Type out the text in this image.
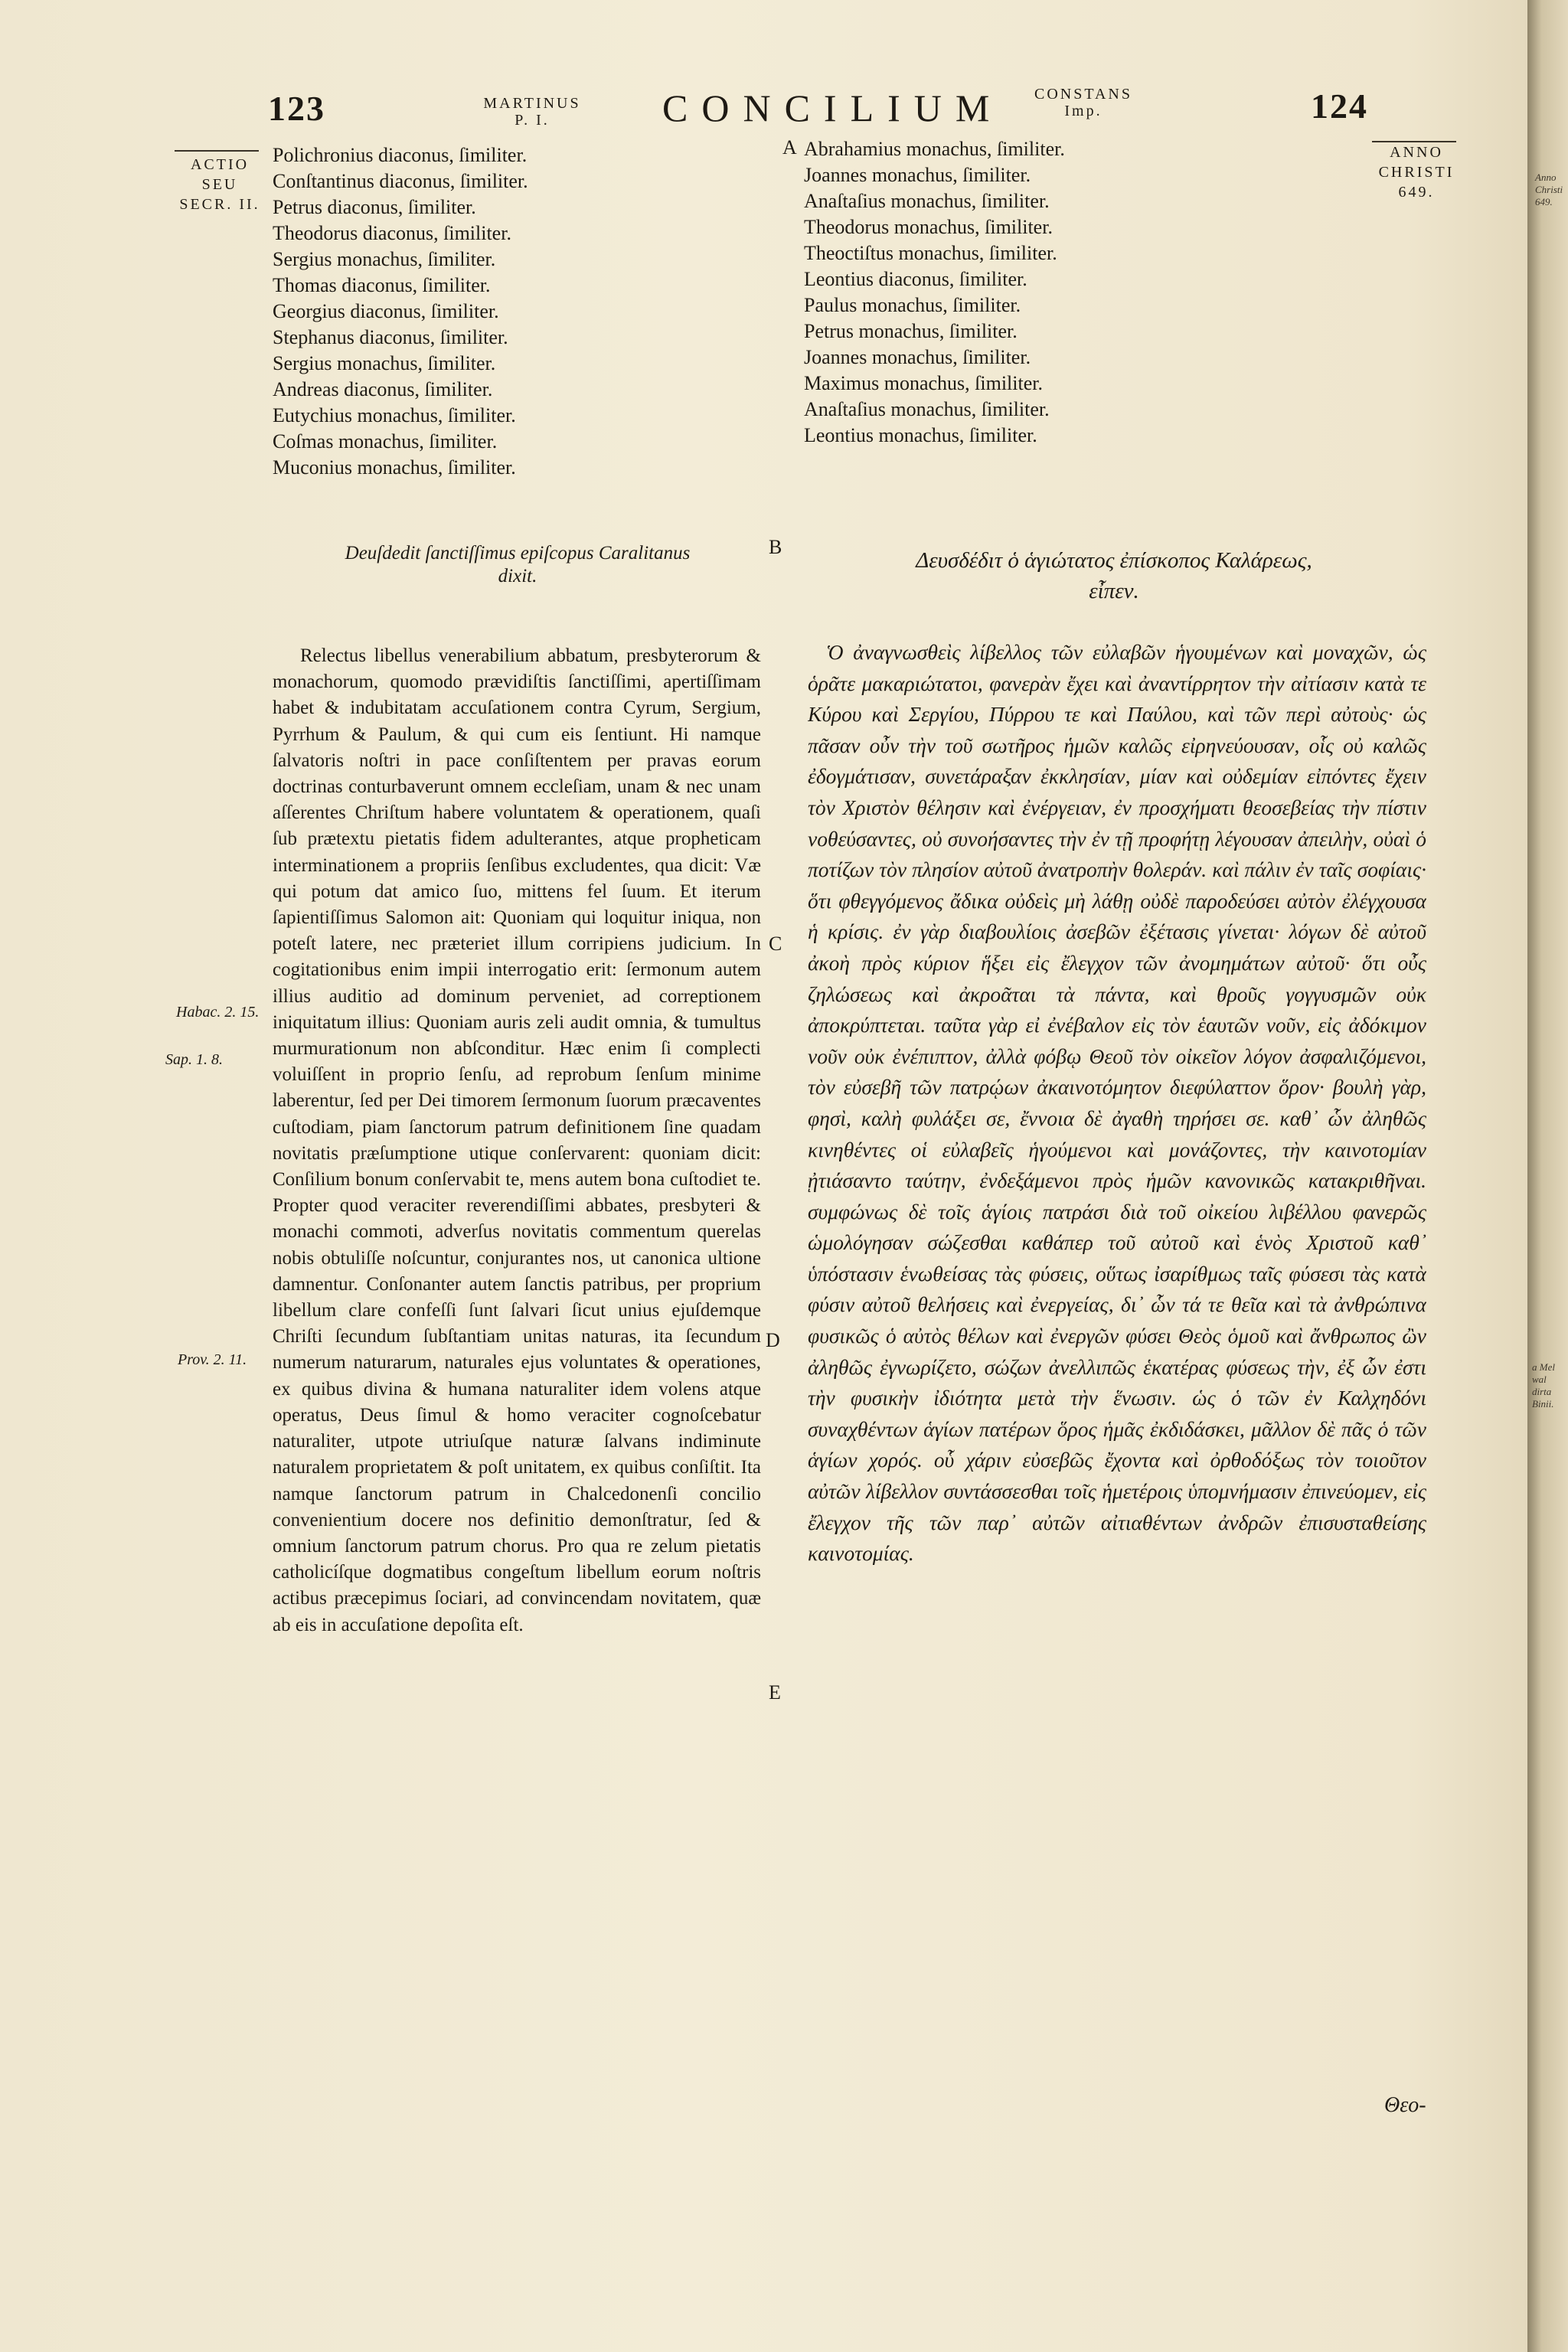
123	MARTINUS
P. I.	CONCILIUM	CONSTANS
Imp.	124
ACTIO
SEU
SECR. II.
ANNO
CHRISTI
649.
Polichronius diaconus, ſimiliter.
Conſtantinus diaconus, ſimiliter.
Petrus diaconus, ſimiliter.
Theodorus diaconus, ſimiliter.
Sergius monachus, ſimiliter.
Thomas diaconus, ſimiliter.
Georgius diaconus, ſimiliter.
Stephanus diaconus, ſimiliter.
Sergius monachus, ſimiliter.
Andreas diaconus, ſimiliter.
Eutychius monachus, ſimiliter.
Coſmas monachus, ſimiliter.
Muconius monachus, ſimiliter.
A Abrahamius monachus, ſimiliter.
Joannes monachus, ſimiliter.
Anaſtaſius monachus, ſimiliter.
Theodorus monachus, ſimiliter.
Theoctiſtus monachus, ſimiliter.
Leontius diaconus, ſimiliter.
Paulus monachus, ſimiliter.
Petrus monachus, ſimiliter.
Joannes monachus, ſimiliter.
Maximus monachus, ſimiliter.
Anaſtaſius monachus, ſimiliter.
Leontius monachus, ſimiliter.
Deuſdedit ſanctiſſimus epiſcopus Caralitanus
dixit.
B
Δευσδέδιτ ὁ ἁγιώτατος ἐπίσκοπος Καλάρεως,
εἶπεν.

Relectus libellus venerabilium abbatum, presbyterorum & monachorum, quomodo prævidiſtis ſanctiſſimi, apertiſſimam habet & indubitatam accuſationem contra Cyrum, Sergium, Pyrrhum & Paulum, & qui cum eis ſentiunt. Hi namque ſalvatoris noſtri in pace conſiſtentem per pravas eorum doctrinas conturbaverunt omnem eccleſiam, unam & nec unam aſſerentes Chriſtum habere voluntatem & operationem, quaſi ſub prætextu pietatis fidem adulterantes, atque propheticam interminationem a propriis ſenſibus excludentes, qua dicit: Væ qui potum dat amico ſuo, mittens fel ſuum. Et iterum ſapientiſſimus Salomon ait: Quoniam qui loquitur iniqua, non poteſt latere, nec præteriet illum corripiens judicium. In cogitationibus enim impii interrogatio erit: ſermonum autem illius auditio ad dominum perveniet, ad correptionem iniquitatum illius: Quoniam auris zeli audit omnia, & tumultus murmurationum non abſconditur. Hæc enim ſi complecti voluiſſent in proprio ſenſu, ad reprobum ſenſum minime laberentur, ſed per Dei timorem ſermonum ſuorum præcaventes cuſtodiam, piam ſanctorum patrum definitionem ſine quadam novitatis præſumptione utique conſervarent: quoniam dicit: Conſilium bonum conſervabit te, mens autem bona cuſtodiet te. Propter quod veraciter reverendiſſimi abbates, presbyteri & monachi commoti, adverſus novitatis commentum querelas nobis obtuliſſe noſcuntur, conjurantes nos, ut canonica ultione damnentur. Conſonanter autem ſanctis patribus, per proprium libellum clare confeſſi ſunt ſalvari ſicut unius ejuſdemque Chriſti ſecundum ſubſtantiam unitas naturas, ita ſecundum numerum naturarum, naturales ejus voluntates & operationes, ex quibus divina & humana naturaliter idem volens atque operatus, Deus ſimul & homo veraciter cognoſcebatur naturaliter, utpote utriuſque naturæ ſalvans indiminute naturalem proprietatem & poſt unitatem, ex quibus conſiſtit. Ita namque ſanctorum patrum in Chalcedonenſi concilio convenientium docere nos definitio demonſtratur, ſed & omnium ſanctorum patrum chorus. Pro qua re zelum pietatis catholicíſque dogmatibus congeſtum libellum eorum noſtris actibus præcepimus ſociari, ad convincendam novitatem, quæ ab eis in accuſatione depoſita eſt.

Habac. 2. 15.
Sap. 1. 8.
Prov. 2. 11.
C
D
E

Ὁ ἀναγνωσθεὶς λίβελλος τῶν εὐλαβῶν ἡγουμένων καὶ μοναχῶν, ὡς ὁρᾶτε μακαριώτατοι, φανερὰν ἔχει καὶ ἀναντίρρητον τὴν αἰτίασιν κατὰ τε Κύρου καὶ Σεργίου, Πύρρου τε καὶ Παύλου, καὶ τῶν περὶ αὐτοὺς· ὡς πᾶσαν οὖν τὴν τοῦ σωτῆρος ἡμῶν καλῶς εἰρηνεύουσαν, οἷς οὐ καλῶς ἐδογμάτισαν, συνετάραξαν ἐκκλησίαν, μίαν καὶ οὐδεμίαν εἰπόντες ἔχειν τὸν Χριστὸν θέλησιν καὶ ἐνέργειαν, ἐν προσχήματι θεοσεβείας τὴν πίστιν νοθεύσαντες, οὐ συνοήσαντες τὴν ἐν τῇ προφήτῃ λέγουσαν ἀπειλὴν, οὐαὶ ὁ ποτίζων τὸν πλησίον αὐτοῦ ἀνατροπὴν θολεράν. καὶ πάλιν ἐν ταῖς σοφίαις· ὅτι φθεγγόμενος ἄδικα οὐδεὶς μὴ λάθῃ οὐδὲ παροδεύσει αὐτὸν ἐλέγχουσα ἡ κρίσις. ἐν γὰρ διαβουλίοις ἀσεβῶν ἐξέτασις γίνεται· λόγων δὲ αὐτοῦ ἀκοὴ πρὸς κύριον ἥξει εἰς ἔλεγχον τῶν ἀνομημάτων αὐτοῦ· ὅτι οὖς ζηλώσεως καὶ ἀκροᾶται τὰ πάντα, καὶ θροῦς γογγυσμῶν οὐκ ἀποκρύπτεται. ταῦτα γὰρ εἰ ἐνέβαλον εἰς τὸν ἑαυτῶν νοῦν, εἰς ἀδόκιμον νοῦν οὐκ ἐνέπιπτον, ἀλλὰ φόβῳ Θεοῦ τὸν οἰκεῖον λόγον ἀσφαλιζόμενοι, τὸν εὐσεβῆ τῶν πατρῴων ἀκαινοτόμητον διεφύλαττον ὅρον· βουλὴ γὰρ, φησὶ, καλὴ φυλάξει σε, ἔννοια δὲ ἀγαθὴ τηρήσει σε. καθ᾽ ὧν ἀληθῶς κινηθέντες οἱ εὐλαβεῖς ἡγούμενοι καὶ μονάζοντες, τὴν καινοτομίαν ᾐτιάσαντο ταύτην, ἐνδεξάμενοι πρὸς ἡμῶν κανονικῶς κατακριθῆναι. συμφώνως δὲ τοῖς ἁγίοις πατράσι διὰ τοῦ οἰκείου λιβέλλου φανερῶς ὡμολόγησαν σώζεσθαι καθάπερ τοῦ αὐτοῦ καὶ ἑνὸς Χριστοῦ καθ᾽ ὑπόστασιν ἑνωθείσας τὰς φύσεις, οὕτως ἰσαρίθμως ταῖς φύσεσι τὰς κατὰ φύσιν αὐτοῦ θελήσεις καὶ ἐνεργείας, δι᾽ ὧν τά τε θεῖα καὶ τὰ ἀνθρώπινα φυσικῶς ὁ αὐτὸς θέλων καὶ ἐνεργῶν φύσει Θεὸς ὁμοῦ καὶ ἄνθρωπος ὢν ἀληθῶς ἐγνωρίζετο, σώζων ἀνελλιπῶς ἑκατέρας φύσεως τὴν, ἐξ ὧν ἐστι τὴν φυσικὴν ἰδιότητα μετὰ τὴν ἕνωσιν. ὡς ὁ τῶν ἐν Καλχηδόνι συναχθέντων ἁγίων πατέρων ὅρος ἡμᾶς ἐκδιδάσκει, μᾶλλον δὲ πᾶς ὁ τῶν ἁγίων χορός. οὗ χάριν εὐσεβῶς ἔχοντα καὶ ὀρθοδόξως τὸν τοιοῦτον αὐτῶν λίβελλον συντάσσεσθαι τοῖς ἡμετέροις ὑπομνήμασιν ἐπινεύομεν, εἰς ἔλεγχον τῆς τῶν παρ᾽ αὐτῶν αἰτιαθέντων ἀνδρῶν ἐπισυσταθείσης καινοτομίας.

Θεο-
Anno
Christi
649.
a Mel
wal dirta
Binii.
